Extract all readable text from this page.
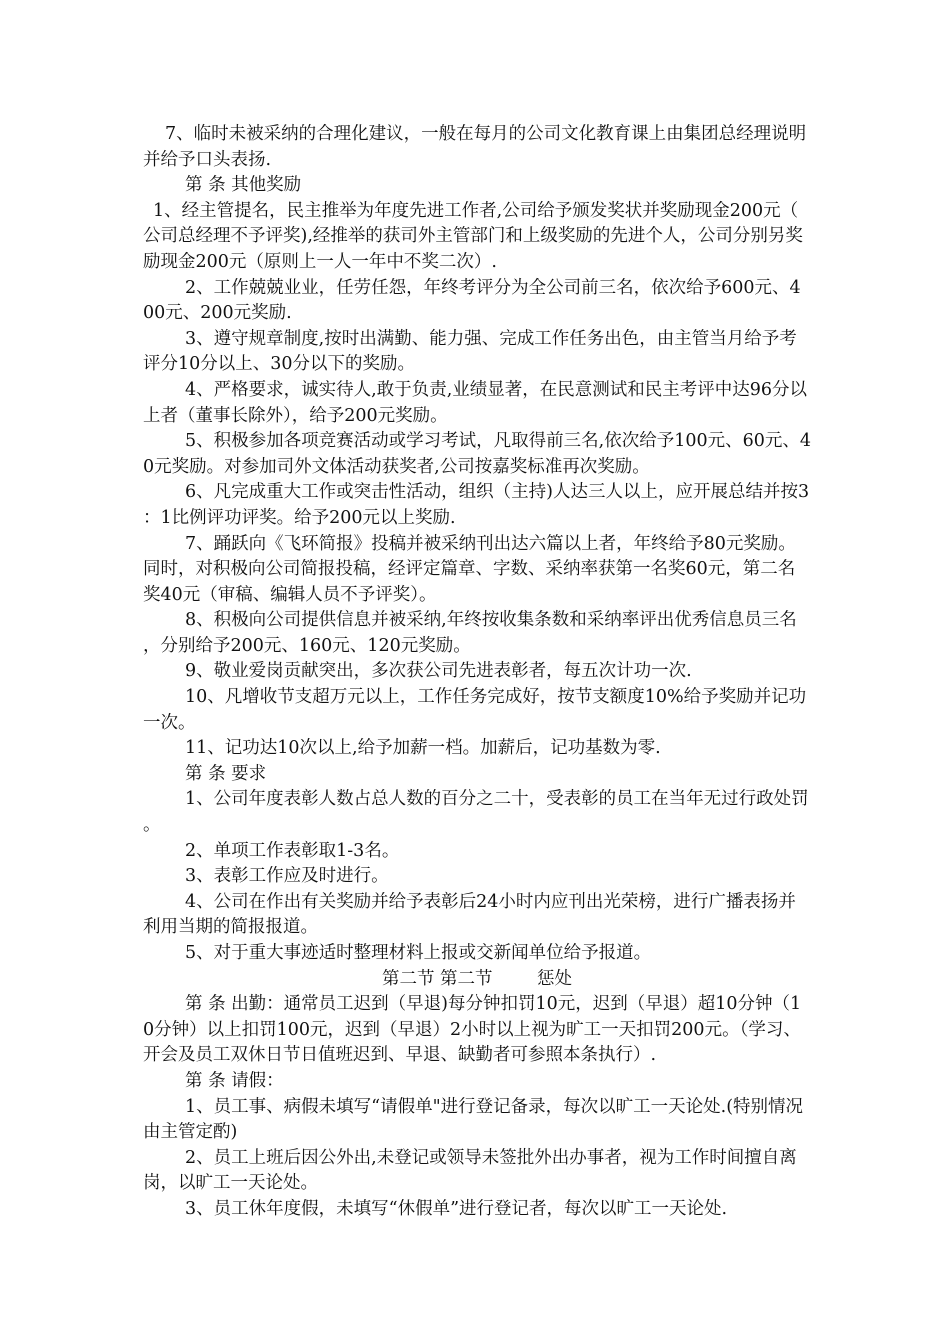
7、临时未被采纳的合理化建议，一般在每月的公司文化教育课上由集团总经理说明并给予口头表扬.

第 条 其他奖励

1、经主管提名，民主推举为年度先进工作者,公司给予颁发奖状并奖励现金200元（公司总经理不予评奖),经推举的获司外主管部门和上级奖励的先进个人，公司分别另奖励现金200元（原则上一人一年中不奖二次）.

2、工作兢兢业业，任劳任怨，年终考评分为全公司前三名，依次给予600元、400元、200元奖励.

3、遵守规章制度,按时出满勤、能力强、完成工作任务出色，由主管当月给予考评分10分以上、30分以下的奖励。

4、严格要求，诚实待人,敢于负责,业绩显著，在民意测试和民主考评中达96分以上者（董事长除外），给予200元奖励。

5、积极参加各项竞赛活动或学习考试，凡取得前三名,依次给予100元、60元、40元奖励。对参加司外文体活动获奖者,公司按嘉奖标准再次奖励。

6、凡完成重大工作或突击性活动，组织（主持)人达三人以上，应开展总结并按3：1比例评功评奖。给予200元以上奖励.

7、踊跃向《飞环简报》投稿并被采纳刊出达六篇以上者，年终给予80元奖励。同时，对积极向公司简报投稿，经评定篇章、字数、采纳率获第一名奖60元，第二名奖40元（审稿、编辑人员不予评奖）。

8、积极向公司提供信息并被采纳,年终按收集条数和采纳率评出优秀信息员三名，分别给予200元、160元、120元奖励。

9、敬业爱岗贡献突出，多次获公司先进表彰者，每五次计功一次.

10、凡增收节支超万元以上，工作任务完成好，按节支额度10%给予奖励并记功一次。

11、记功达10次以上,给予加薪一档。加薪后，记功基数为零.

第 条 要求

1、公司年度表彰人数占总人数的百分之二十，受表彰的员工在当年无过行政处罚。

2、单项工作表彰取1-3名。

3、表彰工作应及时进行。

4、公司在作出有关奖励并给予表彰后24小时内应刊出光荣榜，进行广播表扬并利用当期的简报报道。

5、对于重大事迹适时整理材料上报或交新闻单位给予报道。

第二节 第二节        惩处

第 条 出勤：通常员工迟到（早退)每分钟扣罚10元，迟到（早退）超10分钟（10分钟）以上扣罚100元，迟到（早退）2小时以上视为旷工一天扣罚200元。（学习、开会及员工双休日节日值班迟到、早退、缺勤者可参照本条执行）.

第 条 请假：

1、员工事、病假未填写“请假单"进行登记备录，每次以旷工一天论处.(特别情况由主管定酌)

2、员工上班后因公外出,未登记或领导未签批外出办事者，视为工作时间擅自离岗，以旷工一天论处。

3、员工休年度假，未填写“休假单”进行登记者，每次以旷工一天论处.
